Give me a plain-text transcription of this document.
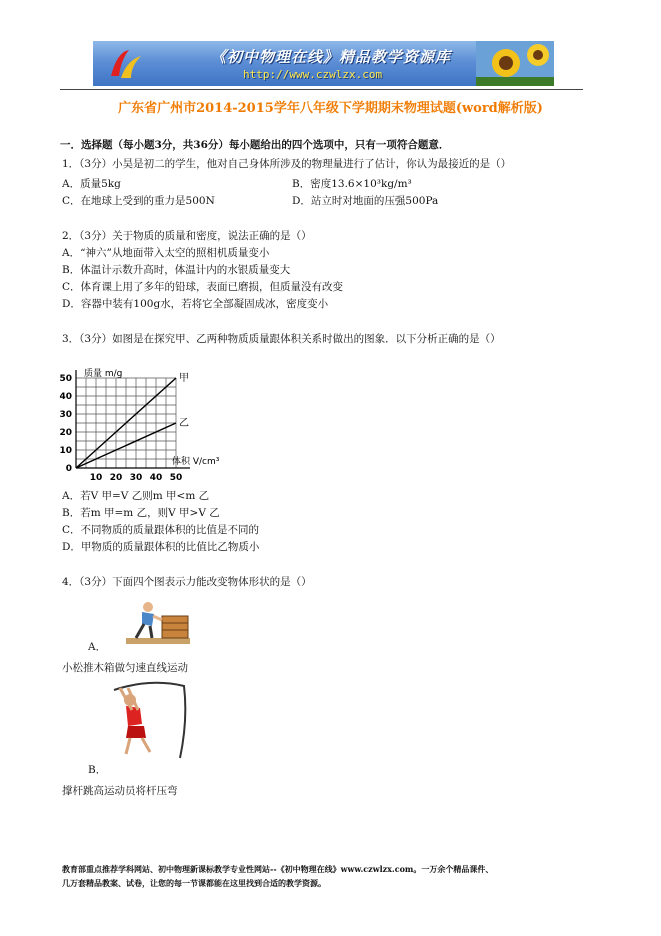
《初中物理在线》精品教学资源库
http://www.czwlzx.com
广东省广州市2014-2015学年八年级下学期期末物理试题(word解析版)
一．选择题（每小题3分，共36分）每小题给出的四个选项中，只有一项符合题意．
1．（3分）小昊是初二的学生，他对自己身体所涉及的物理量进行了估计，你认为最接近的是（）
A．质量5kg	B．密度13.6×10³kg/m³
C．在地球上受到的重力是500N	D．站立时对地面的压强500Pa
2．（3分）关于物质的质量和密度，说法正确的是（）
A．“神六”从地面带入太空的照相机质量变小
B．体温计示数升高时，体温计内的水银质量变大
C．体育课上用了多年的铅球，表面已磨损，但质量没有改变
D．容器中装有100g水，若将它全部凝固成冰，密度变小
3．（3分）如图是在探究甲、乙两种物质质量跟体积关系时做出的图象．以下分析正确的是（）
10 20 30 40 50
0
10
20
30
40
50 质量 m/g
体积 V/cm³
甲
乙
A．若V 甲=V 乙则m 甲<m 乙
B．若m 甲=m 乙，则V 甲>V 乙
C．不同物质的质量跟体积的比值是不同的
D．甲物质的质量跟体积的比值比乙物质小
4．（3分）下面四个图表示力能改变物体形状的是（）
A．
小松推木箱做匀速直线运动
B．
撑杆跳高运动员将杆压弯
教育部重点推荐学科网站、初中物理新课标教学专业性网站--《初中物理在线》www.czwlzx.com。一万余个精品课件、
几万套精品教案、试卷，让您的每一节课都能在这里找到合适的教学资源。
